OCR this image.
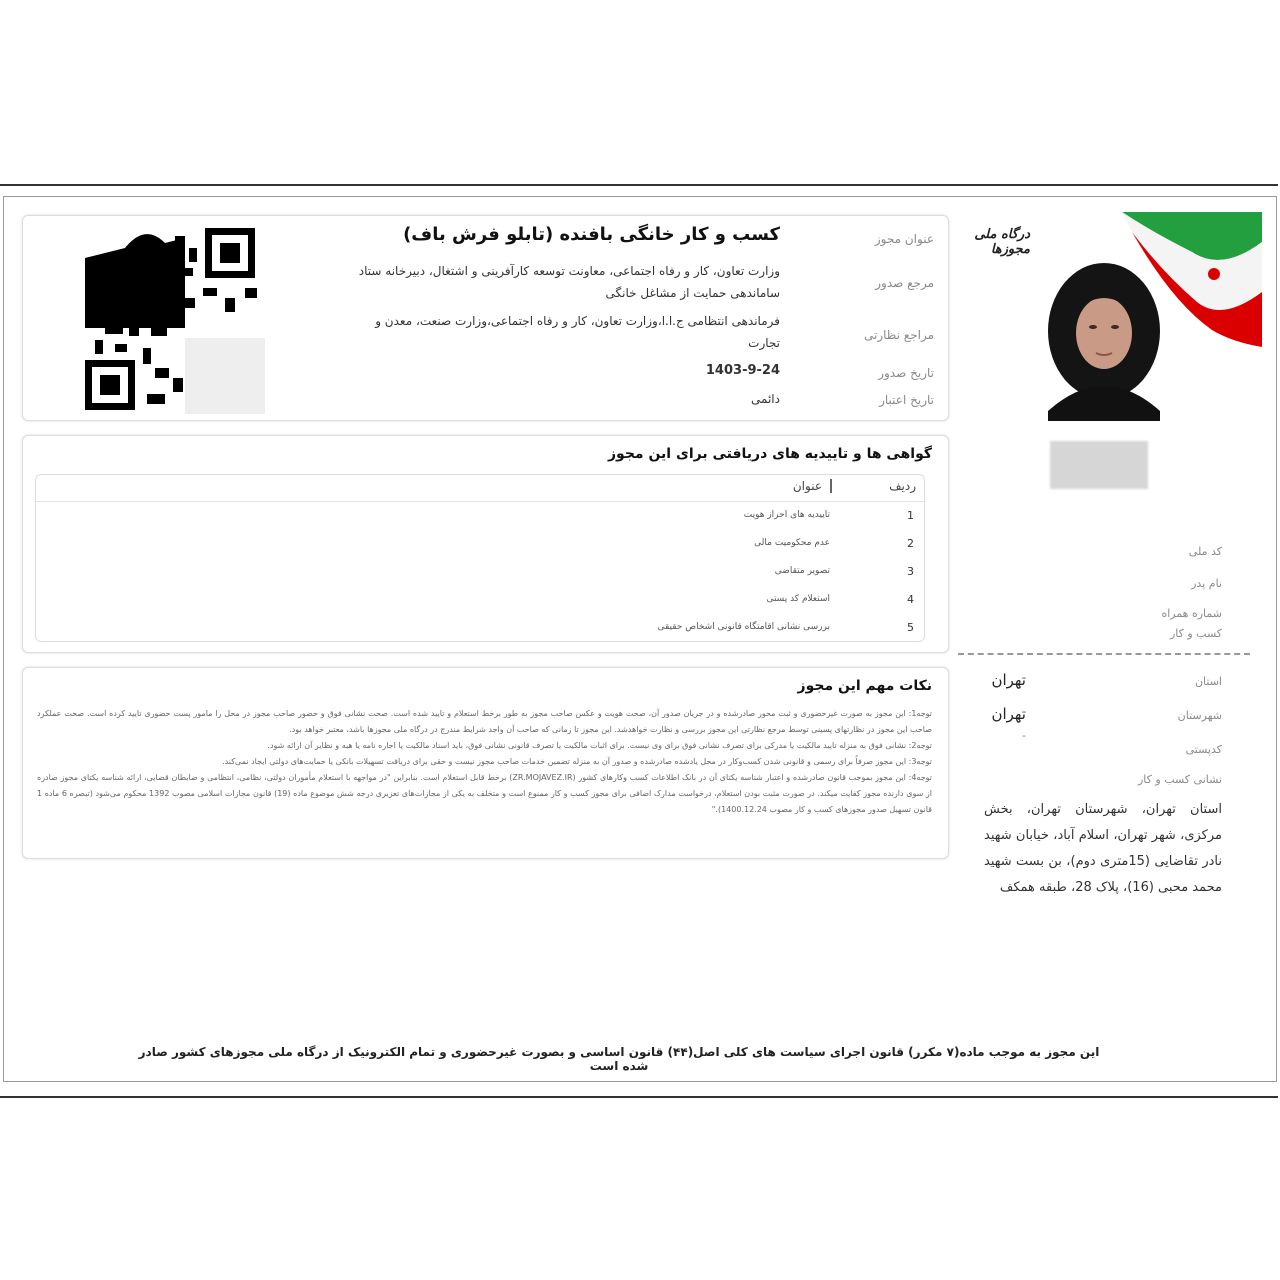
عنوان مجوز
مرجع صدور
مراجع نظارتی
تاریخ صدور
تاریخ اعتبار
کسب و کار خانگی بافنده (تابلو فرش باف)
وزارت تعاون، کار و رفاه اجتماعی، معاونت توسعه کارآفرینی و اشتغال، دبیرخانه ستاد ساماندهی حمایت از مشاغل خانگی
فرماندهی انتظامی ج.ا.ا،وزارت تعاون، کار و رفاه اجتماعی،وزارت صنعت، معدن و تجارت
1403-9-24
دائمی
گواهی ها و تاییدیه های دریافتی برای این مجوز
ردیف
عنوان
1
تاییدیه های احراز هویت
2
عدم محکومیت مالی
3
تصویر متقاضی
4
استعلام کد پستی
5
بررسی نشانی اقامتگاه قانونی اشخاص حقیقی
نکات مهم این مجوز
توجه1: این مجوز به صورت غیرحضوری و ثبت محور صادرشده و در جریان صدور آن، صحت هویت و عکس صاحب مجوز به طور برخط استعلام و تایید شده است. صحت نشانی فوق و حضور صاحب مجوز در محل را مامور پست حضوری تایید کرده است. صحت عملکرد صاحب این مجوز در نظارتهای پسینی توسط مرجع نظارتی این مجوز بررسی و نظارت خواهدشد. این مجوز تا زمانی که صاحب آن واجد شرایط مندرج در درگاه ملی مجوزها باشد، معتبر خواهد بود.
توجه2: نشانی فوق به منزله تایید مالکیت یا مدرکی برای تصرف نشانی فوق برای وی نیست. برای اثبات مالکیت یا تصرف قانونی نشانی فوق، باید اسناد مالکیت یا اجاره نامه یا هبه و نظایر آن ارائه شود.
توجه3: این مجوز صرفاً برای رسمی و قانونی شدن کسب‌وکار در محل یادشده صادرشده و صدور آن به منزله تضمین خدمات صاحب مجوز نیست و حقی برای دریافت تسهیلات بانکی یا حمایت‌های دولتی ایجاد نمی‌کند.
توجه4: این مجوز بموجب قانون صادرشده و اعتبار شناسه یکتای آن در بانک اطلاعات کسب وکارهای کشور (ZR.MOJAVEZ.IR) برخط قابل استعلام است. بنابراین "در مواجهه با استعلام مأموران دولتی، نظامی، انتظامی و ضابطان قضایی، ارائه شناسه یکتای مجوز صادره از سوی دارنده مجوز کفایت میکند. در صورت مثبت بودن استعلام، درخواست مدارک اضافی برای مجوز کسب و کار ممنوع است و متخلف به یکی از مجازات‌های تعزیری درجه شش موضوع ماده (19) قانون مجازات اسلامی مصوب 1392 محکوم می‌شود (تبصره 6 ماده 1 قانون تسهیل صدور مجوزهای کسب و کار مصوب 1400.12.24)."
درگاه ملی مجوزها
کد ملی
نام پدر
شماره همراه
کسب و کار
استان
تهران
شهرستان
تهران
کدپستی
-
نشانی کسب و کار
استان تهران، شهرستان تهران، بخش مرکزی، شهر تهران، اسلام آباد، خیابان شهید نادر تقاضایی (15متری دوم)، بن بست شهید محمد محبی (16)، پلاک 28، طبقه همکف
این مجوز به موجب ماده(۷ مکرر) قانون اجرای سیاست های کلی اصل(۴۴) قانون اساسی و بصورت غیرحضوری و تمام الکترونیک از درگاه ملی مجوزهای کشور صادر شده است
